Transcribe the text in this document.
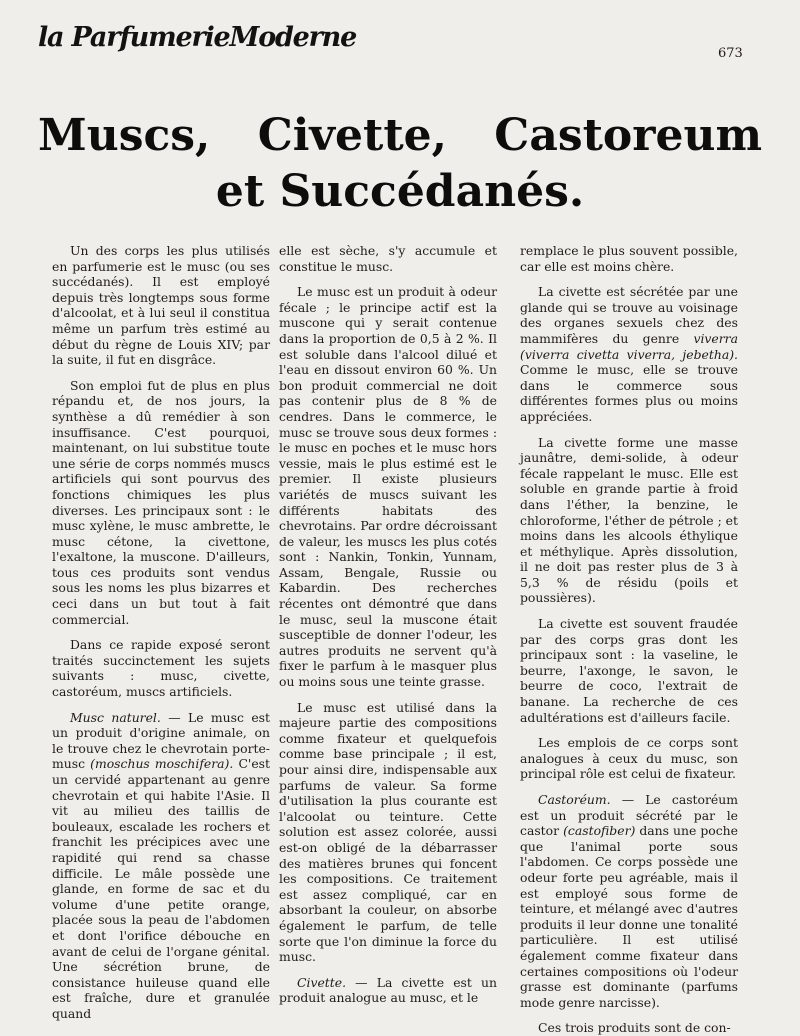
la ParfumerieModerne
673
Muscs, Civette, Castoreum
et Succédanés.

Un des corps les plus utilisés en parfumerie est le musc (ou ses succédanés). Il est employé depuis très longtemps sous forme d'alcoolat, et à lui seul il constitua même un parfum très estimé au début du règne de Louis XIV; par la suite, il fut en disgrâce.

Son emploi fut de plus en plus répandu et, de nos jours, la synthèse a dû remédier à son insuffisance. C'est pourquoi, maintenant, on lui substitue toute une série de corps nommés muscs artificiels qui sont pourvus des fonctions chimiques les plus diverses. Les principaux sont : le musc xylène, le musc ambrette, le musc cétone, la civettone, l'exaltone, la muscone. D'ailleurs, tous ces produits sont vendus sous les noms les plus bizarres et ceci dans un but tout à fait commercial.

Dans ce rapide exposé seront traités succinctement les sujets suivants : musc, civette, castoréum, muscs artificiels.

Musc naturel. — Le musc est un produit d'origine animale, on le trouve chez le chevrotain porte-musc (moschus moschifera). C'est un cervidé appartenant au genre chevrotain et qui habite l'Asie. Il vit au milieu des taillis de bouleaux, escalade les rochers et franchit les précipices avec une rapidité qui rend sa chasse difficile. Le mâle possède une glande, en forme de sac et du volume d'une petite orange, placée sous la peau de l'abdomen et dont l'orifice débouche en avant de celui de l'organe génital. Une sécrétion brune, de consistance huileuse quand elle est fraîche, dure et granulée quand

elle est sèche, s'y accumule et constitue le musc.

Le musc est un produit à odeur fécale ; le principe actif est la muscone qui y serait contenue dans la proportion de 0,5 à 2 %. Il est soluble dans l'alcool dilué et l'eau en dissout environ 60 %. Un bon produit commercial ne doit pas contenir plus de 8 % de cendres. Dans le commerce, le musc se trouve sous deux formes : le musc en poches et le musc hors vessie, mais le plus estimé est le premier. Il existe plusieurs variétés de muscs suivant les différents habitats des chevrotains. Par ordre décroissant de valeur, les muscs les plus cotés sont : Nankin, Tonkin, Yunnam, Assam, Bengale, Russie ou Kabardin. Des recherches récentes ont démontré que dans le musc, seul la muscone était susceptible de donner l'odeur, les autres produits ne servent qu'à fixer le parfum à le masquer plus ou moins sous une teinte grasse.

Le musc est utilisé dans la majeure partie des compositions comme fixateur et quelquefois comme base principale ; il est, pour ainsi dire, indispensable aux parfums de valeur. Sa forme d'utilisation la plus courante est l'alcoolat ou teinture. Cette solution est assez colorée, aussi est-on obligé de la débarrasser des matières brunes qui foncent les compositions. Ce traitement est assez compliqué, car en absorbant la couleur, on absorbe également le parfum, de telle sorte que l'on diminue la force du musc.

Civette. — La civette est un produit analogue au musc, et le

remplace le plus souvent possible, car elle est moins chère.

La civette est sécrétée par une glande qui se trouve au voisinage des organes sexuels chez des mammifères du genre viverra (viverra civetta viverra, jebetha). Comme le musc, elle se trouve dans le commerce sous différentes formes plus ou moins appréciées.

La civette forme une masse jaunâtre, demi-solide, à odeur fécale rappelant le musc. Elle est soluble en grande partie à froid dans l'éther, la benzine, le chloroforme, l'éther de pétrole ; et moins dans les alcools éthylique et méthylique. Après dissolution, il ne doit pas rester plus de 3 à 5,3 % de résidu (poils et poussières).

La civette est souvent fraudée par des corps gras dont les principaux sont : la vaseline, le beurre, l'axonge, le savon, le beurre de coco, l'extrait de banane. La recherche de ces adultérations est d'ailleurs facile.

Les emplois de ce corps sont analogues à ceux du musc, son principal rôle est celui de fixateur.

Castoréum. — Le castoréum est un produit sécrété par le castor (castofiber) dans une poche que l'animal porte sous l'abdomen. Ce corps possède une odeur forte peu agréable, mais il est employé sous forme de teinture, et mélangé avec d'autres produits il leur donne une tonalité particulière. Il est utilisé également comme fixateur dans certaines compositions où l'odeur grasse est dominante (parfums mode genre narcisse).

Ces trois produits sont de con-
